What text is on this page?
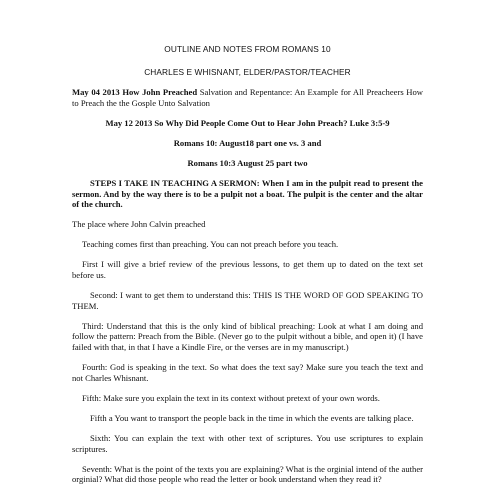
OUTLINE AND NOTES FROM ROMANS 10
CHARLES E WHISNANT, ELDER/PASTOR/TEACHER

May 04 2013 How John Preached Salvation and Repentance: An Example for All Preacheers How to Preach the the Gosple Unto Salvation

May 12 2013 So Why Did People Come Out to Hear John Preach? Luke 3:5-9

Romans 10: August18 part one vs. 3 and

Romans 10:3 August 25 part two

STEPS I TAKE IN TEACHING A SERMON: When I am in the pulpit read to present the sermon. And by the way there is to be a pulpit not a boat. The pulpit is the center and the altar of the church.

The place where John Calvin preached

Teaching comes first than preaching. You can not preach before you teach.

First I will give a brief review of the previous lessons, to get them up to dated on the text set before us.

Second: I want to get them to understand this: THIS IS THE WORD OF GOD SPEAKING TO THEM.

Third: Understand that this is the only kind of biblical preaching: Look at what I am doing and follow the pattern: Preach from the Bible. (Never go to the pulpit without a bible, and open it) (I have failed with that, in that I have a Kindle Fire, or the verses are in my manuscript.)

Fourth: God is speaking in the text. So what does the text say? Make sure you teach the text and not Charles Whisnant.

Fifth: Make sure you explain the text in its context without pretext of your own words.

Fifth a You want to transport the people back in the time in which the events are talking place.

Sixth: You can explain the text with other text of scriptures. You use scriptures to explain scriptures.

Seventh: What is the point of the texts you are explaining? What is the orginial intend of the auther orginial? What did those people who read the letter or book understand when they read it?
